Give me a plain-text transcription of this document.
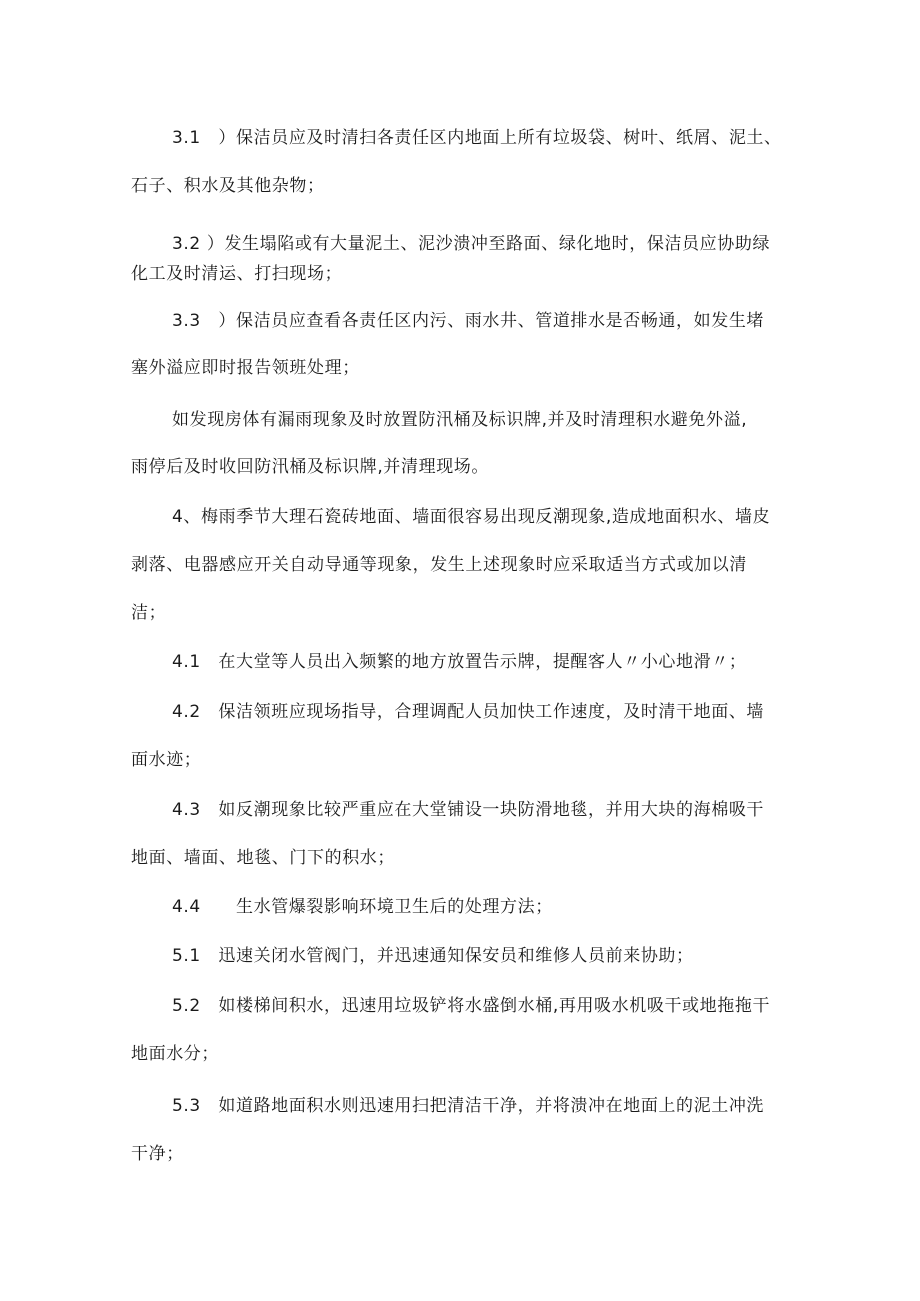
3.1　）保洁员应及时清扫各责任区内地面上所有垃圾袋、树叶、纸屑、泥土、
石子、积水及其他杂物；
3.2 ）发生塌陷或有大量泥土、泥沙溃冲至路面、绿化地时，保洁员应协助绿
化工及时清运、打扫现场；
3.3　）保洁员应查看各责任区内污、雨水井、管道排水是否畅通，如发生堵
塞外溢应即时报告领班处理；
如发现房体有漏雨现象及时放置防汛桶及标识牌,并及时清理积水避免外溢,
雨停后及时收回防汛桶及标识牌,并清理现场。
4、梅雨季节大理石瓷砖地面、墙面很容易出现反潮现象,造成地面积水、墙皮
剥落、电器感应开关自动导通等现象，发生上述现象时应采取适当方式或加以清
洁；
4.1　在大堂等人员出入频繁的地方放置告示牌，提醒客人〃小心地滑〃；
4.2　保洁领班应现场指导，合理调配人员加快工作速度，及时清干地面、墙
面水迹；
4.3　如反潮现象比较严重应在大堂铺设一块防滑地毯，并用大块的海棉吸干
地面、墙面、地毯、门下的积水；
4.4　　生水管爆裂影响环境卫生后的处理方法；
5.1　迅速关闭水管阀门，并迅速通知保安员和维修人员前来协助；
5.2　如楼梯间积水，迅速用垃圾铲将水盛倒水桶,再用吸水机吸干或地拖拖干
地面水分；
5.3　如道路地面积水则迅速用扫把清洁干净，并将溃冲在地面上的泥土冲洗
干净；
